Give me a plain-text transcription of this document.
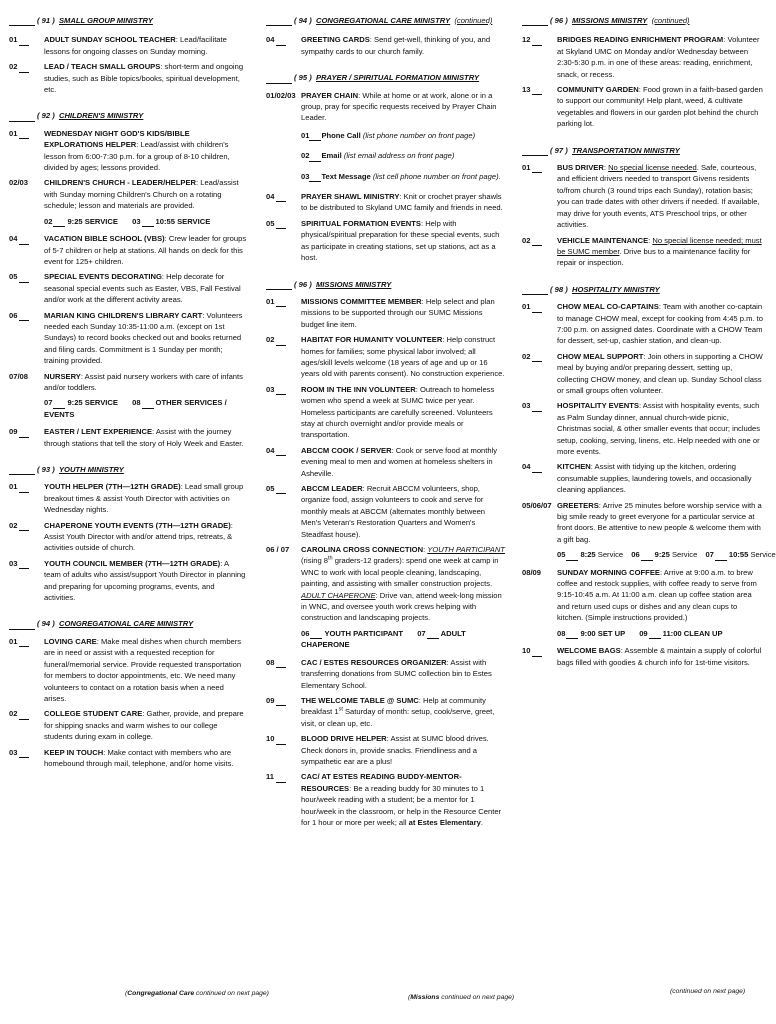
( 91 ) SMALL GROUP MINISTRY
01	ADULT SUNDAY SCHOOL TEACHER: Lead/facilitate lessons for ongoing classes on Sunday morning.
02	LEAD / TEACH SMALL GROUPS: short-term and ongoing studies, such as Bible topics/books, spiritual development, etc.
( 92 ) CHILDREN'S MINISTRY
01	WEDNESDAY NIGHT GOD'S KIDS/BIBLE EXPLORATIONS HELPER: Lead/assist with children's lesson from 6:00-7:30 p.m. for a group of 8-10 children, divided by ages; lessons provided.
02/03	CHILDREN'S CHURCH - LEADER/HELPER: Lead/assist with Sunday morning Children's Church on a rotating schedule; lesson and materials are provided.
02 9:25 SERVICE 03 10:55 SERVICE
04	VACATION BIBLE SCHOOL (VBS): Crew leader for groups of 5-7 children or help at stations. All hands on deck for this event for 125+ children.
05	SPECIAL EVENTS DECORATING: Help decorate for seasonal special events such as Easter, VBS, Fall Festival and/or work at the different activity areas.
06	MARIAN KING CHILDREN'S LIBRARY CART: Volunteers needed each Sunday 10:35-11:00 a.m. (except on 1st Sundays) to record books checked out and books returned and filing cards. Commitment is 1 Sunday per month; training provided.
07/08	NURSERY: Assist paid nursery workers with care of infants and/or toddlers.
07 9:25 SERVICE 08 OTHER SERVICES / EVENTS
09	EASTER / LENT EXPERIENCE: Assist with the journey through stations that tell the story of Holy Week and Easter.
( 93 ) YOUTH MINISTRY
01	YOUTH HELPER (7TH—12TH GRADE): Lead small group breakout times & assist Youth Director with activities on Wednesday nights.
02	CHAPERONE YOUTH EVENTS (7TH—12TH GRADE): Assist Youth Director with and/or attend trips, retreats, & activities outside of church.
03	YOUTH COUNCIL MEMBER (7TH—12TH GRADE): A team of adults who assist/support Youth Director in planning and preparing for upcoming programs, events, and activities.
( 94 ) CONGREGATIONAL CARE MINISTRY
01	LOVING CARE: Make meal dishes when church members are in need or assist with a requested reception for funeral/memorial service. Provide requested transportation for members to doctor appointments, etc. We need many volunteers to contact on a rotation basis when a need arises.
02	COLLEGE STUDENT CARE: Gather, provide, and prepare for shipping snacks and warm wishes to our college students during exam in college.
03	KEEP IN TOUCH: Make contact with members who are homebound through mail, telephone, and/or home visits.
(Congregational Care continued on next page)
( 94 ) CONGREGATIONAL CARE MINISTRY (continued)
04	GREETING CARDS: Send get-well, thinking of you, and sympathy cards to our church family.
( 95 ) PRAYER / SPIRITUAL FORMATION MINISTRY
01/02/03 PRAYER CHAIN: While at home or at work, alone or in a group, pray for specific requests received by Prayer Chain Leader.
01 Phone Call (list phone number on front page)
02 Email (list email address on front page)
03 Text Message (list cell phone number on front page).
04	PRAYER SHAWL MINISTRY: Knit or crochet prayer shawls to be distributed to Skyland UMC family and friends in need.
05	SPIRITUAL FORMATION EVENTS: Help with physical/spiritual preparation for these special events, such as participate in creating stations, set up stations, act as a host.
( 96 ) MISSIONS MINISTRY
01	MISSIONS COMMITTEE MEMBER: Help select and plan missions to be supported through our SUMC Missions budget line item.
02	HABITAT FOR HUMANITY VOLUNTEER: Help construct homes for families; some physical labor involved; all ages/skill levels welcome (18 years of age and up or 16 years old with parents consent). No construction experience.
03	ROOM IN THE INN VOLUNTEER: Outreach to homeless women who spend a week at SUMC twice per year. Homeless participants are carefully screened. Volunteers stay at church overnight and/or provide meals or transportation.
04	ABCCM COOK / SERVER: Cook or serve food at monthly evening meal to men and women at homeless shelters in Asheville.
05	ABCCM LEADER: Recruit ABCCM volunteers, shop, organize food, assign volunteers to cook and serve for monthly meals at ABCCM (alternates monthly between Men's Veteran's Restoration Quarters and Women's Steadfast house).
06 / 07	CAROLINA CROSS CONNECTION: YOUTH PARTICIPANT (rising 8th graders-12 graders): spend one week at camp in WNC to work with local people cleaning, landscaping, painting, and assisting with smaller construction projects. ADULT CHAPERONE: Drive van, attend week-long mission in WNC, and oversee youth work crews helping with construction and landscaping projects.
06 YOUTH PARTICIPANT 07 ADULT CHAPERONE
08	CAC / ESTES RESOURCES ORGANIZER: Assist with transferring donations from SUMC collection bin to Estes Elementary School.
09	THE WELCOME TABLE @ SUMC: Help at community breakfast 1st Saturday of month: setup, cook/serve, greet, visit, or clean up, etc.
10	BLOOD DRIVE HELPER: Assist at SUMC blood drives. Check donors in, provide snacks. Friendliness and a sympathetic ear are a plus!
11	CAC/ AT ESTES READING BUDDY-MENTOR-RESOURCES: Be a reading buddy for 30 minutes to 1 hour/week reading with a student; be a mentor for 1 hour/week in the classroom, or help in the Resource Center for 1 hour or more per week; all at Estes Elementary.
(Missions continued on next page)
( 96 ) MISSIONS MINISTRY (continued)
12	BRIDGES READING ENRICHMENT PROGRAM: Volunteer at Skyland UMC on Monday and/or Wednesday between 2:30-5:30 p.m. in one of these areas: reading, enrichment, snack, or recess.
13	COMMUNITY GARDEN: Food grown in a faith-based garden to support our community! Help plant, weed, & cultivate vegetables and flowers in our garden plot behind the church parking lot.
( 97 ) TRANSPORTATION MINISTRY
01	BUS DRIVER: No special license needed. Safe, courteous, and efficient drivers needed to transport Givens residents to/from church (3 round trips each Sunday), rotation basis; you can trade dates with other drivers if needed. If available, may drive for youth events, ATS Preschool trips, or other activities.
02	VEHICLE MAINTENANCE: No special license needed; must be SUMC member. Drive bus to a maintenance facility for repair or inspection.
( 98 ) HOSPITALITY MINISTRY
01	CHOW MEAL CO-CAPTAINS: Team with another co-captain to manage CHOW meal, except for cooking from 4:45 p.m. to 7:00 p.m. on assigned dates. Coordinate with a CHOW Team for dessert, set-up, cashier station, and clean-up.
02	CHOW MEAL SUPPORT: Join others in supporting a CHOW meal by buying and/or preparing dessert, setting up, collecting CHOW money, and clean up. Sunday School class or small groups often volunteer.
03	HOSPITALITY EVENTS: Assist with hospitality events, such as Palm Sunday dinner, annual church-wide picnic, Christmas social, & other smaller events that occur; includes setup, cooking, serving, linens, etc. Help needed with one or more events.
04	KITCHEN: Assist with tidying up the kitchen, ordering consumable supplies, laundering towels, and occasionally cleaning appliances.
05/06/07 GREETERS: Arrive 25 minutes before worship service with a big smile ready to greet everyone for a particular service at front doors. Be attentive to new people & welcome them with a gift bag.
05 8:25 Service 06 9:25 Service 07 10:55 Service
08/09	SUNDAY MORNING COFFEE: Arrive at 9:00 a.m. to brew coffee and restock supplies, with coffee ready to serve from 9:15-10:45 a.m. At 11:00 a.m. clean up coffee station area and return used cups or dishes and any clean cups to kitchen. (Simple instructions provided.)
08 9:00 SET UP 09 11:00 CLEAN UP
10	WELCOME BAGS: Assemble & maintain a supply of colorful bags filled with goodies & church info for 1st-time visitors.
(continued on next page)
